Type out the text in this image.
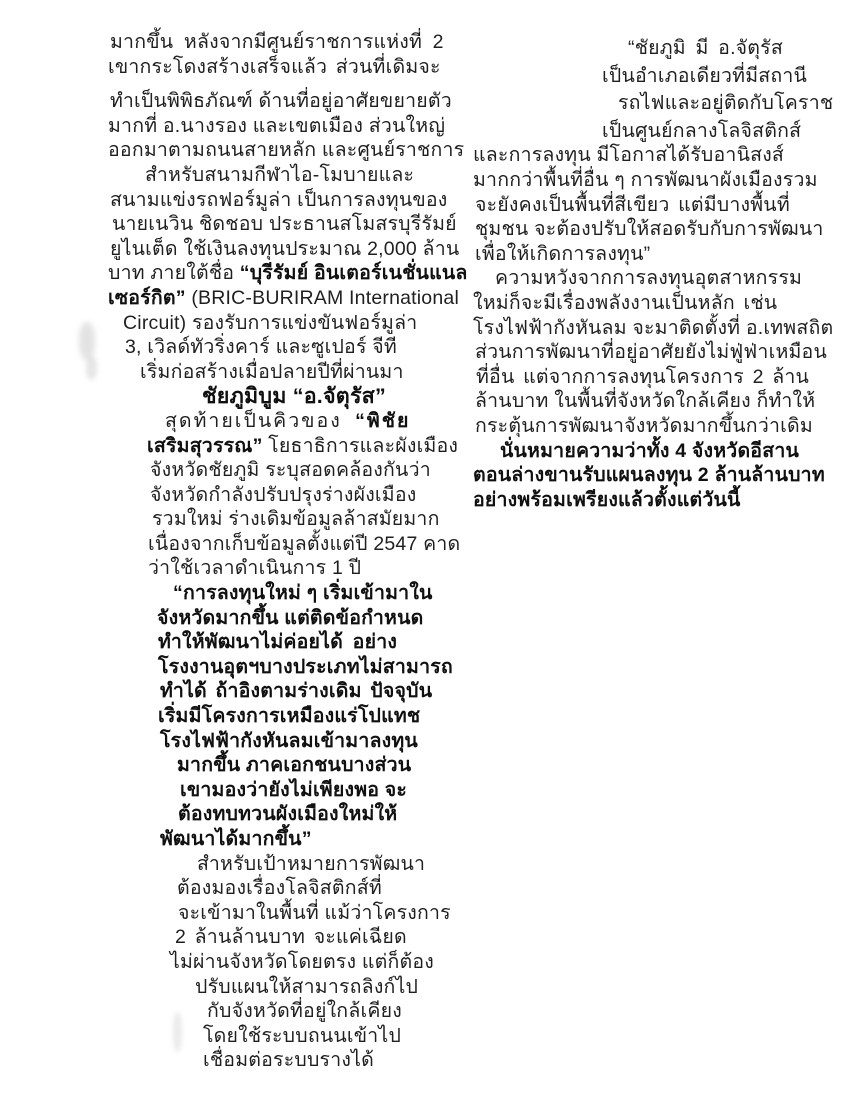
มากขึ้น หลังจากมีศูนย์ราชการแห่งที่ 2
เขากระโดงสร้างเสร็จแล้ว ส่วนที่เดิมจะ
ทำเป็นพิพิธภัณฑ์ ด้านที่อยู่อาศัยขยายตัว
มากที่ อ.นางรอง และเขตเมือง ส่วนใหญ่
ออกมาตามถนนสายหลัก และศูนย์ราชการ
สำหรับสนามกีฬาไอ-โมบายและ
สนามแข่งรถฟอร์มูล่า เป็นการลงทุนของ
นายเนวิน ชิดชอบ ประธานสโมสรบุรีรัมย์
ยูไนเต็ด ใช้เงินลงทุนประมาณ 2,000 ล้าน
บาท ภายใต้ชื่อ “บุรีรัมย์ อินเตอร์เนชั่นแนล
เซอร์กิต” (BRIC-BURIRAM International
Circuit) รองรับการแข่งขันฟอร์มูล่า
3, เวิลด์ทัวริ่งคาร์ และซูเปอร์ จีที
เริ่มก่อสร้างเมื่อปลายปีที่ผ่านมา
ชัยภูมิบูม “อ.จัตุรัส”
สุดท้ายเป็นคิวของ “พิชัย
เสริมสุวรรณ” โยธาธิการและผังเมือง
จังหวัดชัยภูมิ ระบุสอดคล้องกันว่า
จังหวัดกำลังปรับปรุงร่างผังเมือง
รวมใหม่ ร่างเดิมข้อมูลล้าสมัยมาก
เนื่องจากเก็บข้อมูลตั้งแต่ปี 2547 คาด
ว่าใช้เวลาดำเนินการ 1 ปี
“การลงทุนใหม่ ๆ เริ่มเข้ามาใน
จังหวัดมากขึ้น แต่ติดข้อกำหนด
ทำให้พัฒนาไม่ค่อยได้ อย่าง
โรงงานอุตฯบางประเภทไม่สามารถ
ทำได้ ถ้าอิงตามร่างเดิม ปัจจุบัน
เริ่มมีโครงการเหมืองแร่โปแทช
โรงไฟฟ้ากังหันลมเข้ามาลงทุน
มากขึ้น ภาคเอกชนบางส่วน
เขามองว่ายังไม่เพียงพอ จะ
ต้องทบทวนผังเมืองใหม่ให้
พัฒนาได้มากขึ้น”
สำหรับเป้าหมายการพัฒนา
ต้องมองเรื่องโลจิสติกส์ที่
จะเข้ามาในพื้นที่ แม้ว่าโครงการ
2 ล้านล้านบาท จะแค่เฉียด
ไม่ผ่านจังหวัดโดยตรง แต่ก็ต้อง
ปรับแผนให้สามารถลิงก์ไป
กับจังหวัดที่อยู่ใกล้เคียง
โดยใช้ระบบถนนเข้าไป
เชื่อมต่อระบบรางได้
“ชัยภูมิ มี อ.จัตุรัส
เป็นอำเภอเดียวที่มีสถานี
รถไฟและอยู่ติดกับโคราช
เป็นศูนย์กลางโลจิสติกส์
และการลงทุน มีโอกาสได้รับอานิสงส์
มากกว่าพื้นที่อื่น ๆ การพัฒนาผังเมืองรวม
จะยังคงเป็นพื้นที่สีเขียว แต่มีบางพื้นที่
ชุมชน จะต้องปรับให้สอดรับกับการพัฒนา
เพื่อให้เกิดการลงทุน”
ความหวังจากการลงทุนอุตสาหกรรม
ใหม่ก็จะมีเรื่องพลังงานเป็นหลัก เช่น
โรงไฟฟ้ากังหันลม จะมาติดตั้งที่ อ.เทพสถิต
ส่วนการพัฒนาที่อยู่อาศัยยังไม่ฟู่ฟ่าเหมือน
ที่อื่น แต่จากการลงทุนโครงการ 2 ล้าน
ล้านบาท ในพื้นที่จังหวัดใกล้เคียง ก็ทำให้
กระตุ้นการพัฒนาจังหวัดมากขึ้นกว่าเดิม
นั่นหมายความว่าทั้ง 4 จังหวัดอีสาน
ตอนล่างขานรับแผนลงทุน 2 ล้านล้านบาท
อย่างพร้อมเพรียงแล้วตั้งแต่วันนี้
